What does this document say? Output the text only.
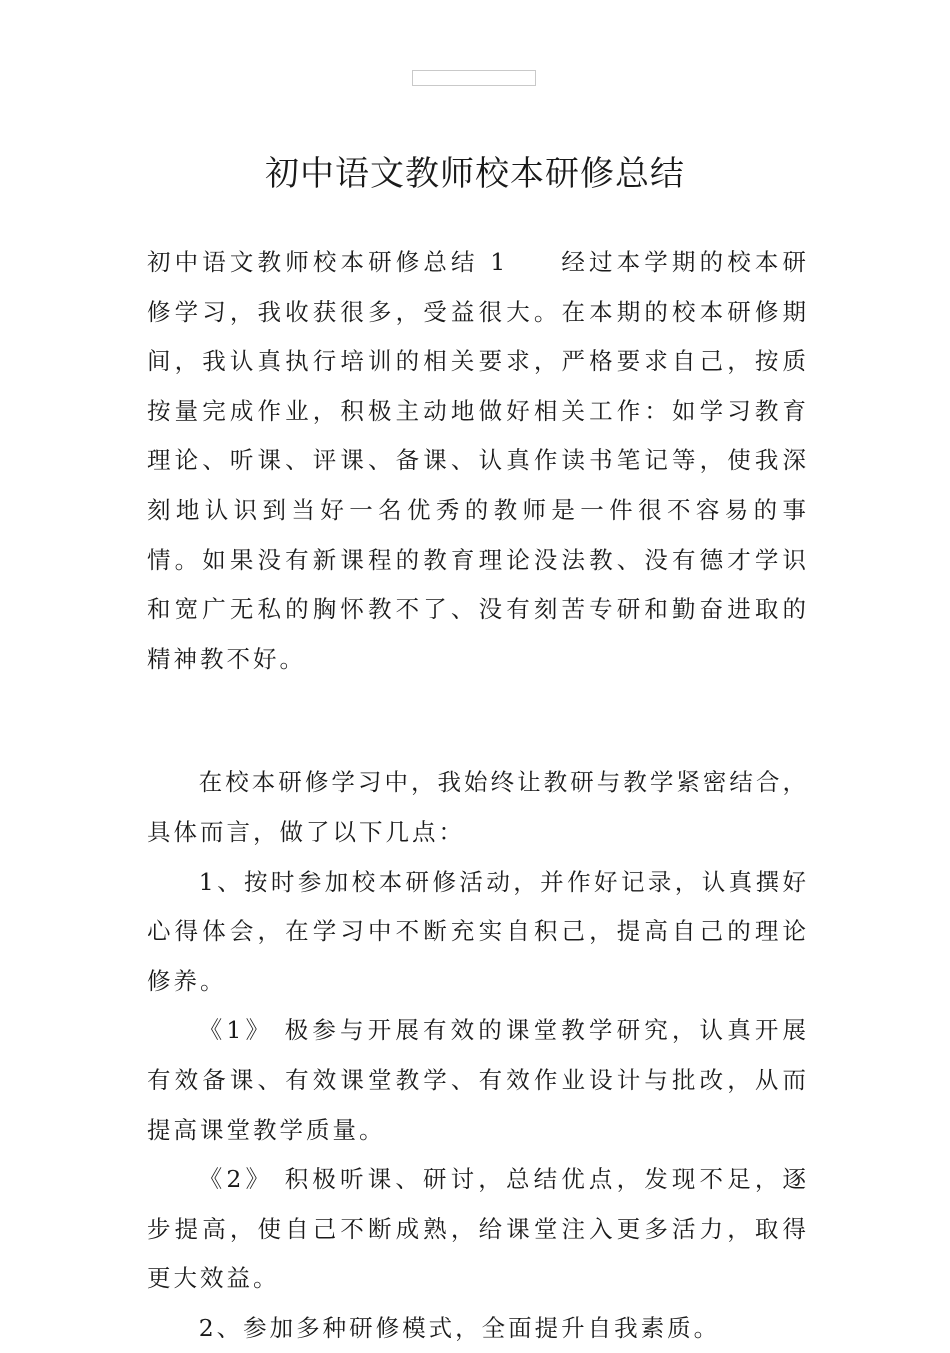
初中语文教师校本研修总结

初中语文教师校本研修总结 1 经过本学期的校本研修学习，我收获很多，受益很大。在本期的校本研修期间，我认真执行培训的相关要求，严格要求自己，按质按量完成作业，积极主动地做好相关工作：如学习教育理论、听课、评课、备课、认真作读书笔记等，使我深刻地认识到当好一名优秀的教师是一件很不容易的事情。如果没有新课程的教育理论没法教、没有德才学识和宽广无私的胸怀教不了、没有刻苦专研和勤奋进取的精神教不好。

在校本研修学习中，我始终让教研与教学紧密结合，具体而言，做了以下几点：

1、按时参加校本研修活动，并作好记录，认真撰好心得体会，在学习中不断充实自积己，提高自己的理论修养。

《1》 极参与开展有效的课堂教学研究，认真开展有效备课、有效课堂教学、有效作业设计与批改，从而提高课堂教学质量。

《2》 积极听课、研讨，总结优点，发现不足，逐步提高，使自己不断成熟，给课堂注入更多活力，取得更大效益。

2、参加多种研修模式，全面提升自我素质。
